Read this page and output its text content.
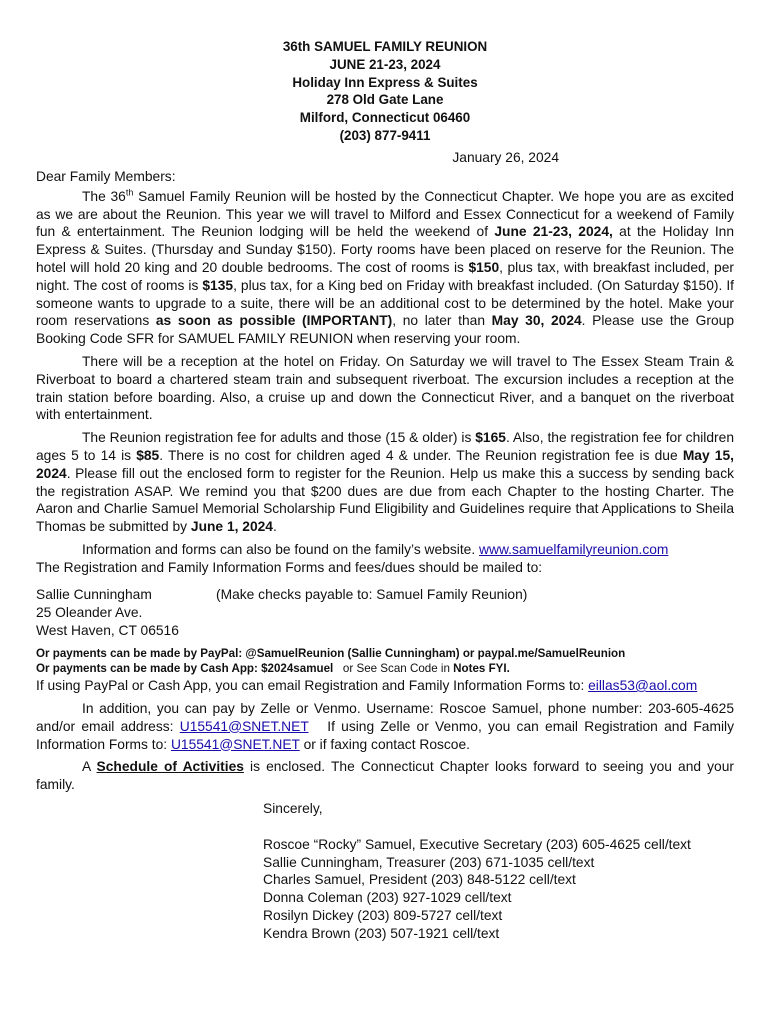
36th SAMUEL FAMILY REUNION
JUNE 21-23, 2024
Holiday Inn Express & Suites
278 Old Gate Lane
Milford, Connecticut 06460
(203) 877-9411
January 26, 2024
Dear Family Members:

The 36th Samuel Family Reunion will be hosted by the Connecticut Chapter. We hope you are as excited as we are about the Reunion. This year we will travel to Milford and Essex Connecticut for a weekend of Family fun & entertainment. The Reunion lodging will be held the weekend of June 21-23, 2024, at the Holiday Inn Express & Suites. (Thursday and Sunday $150). Forty rooms have been placed on reserve for the Reunion. The hotel will hold 20 king and 20 double bedrooms. The cost of rooms is $150, plus tax, with breakfast included, per night. The cost of rooms is $135, plus tax, for a King bed on Friday with breakfast included. (On Saturday $150). If someone wants to upgrade to a suite, there will be an additional cost to be determined by the hotel. Make your room reservations as soon as possible (IMPORTANT), no later than May 30, 2024. Please use the Group Booking Code SFR for SAMUEL FAMILY REUNION when reserving your room.

There will be a reception at the hotel on Friday. On Saturday we will travel to The Essex Steam Train & Riverboat to board a chartered steam train and subsequent riverboat. The excursion includes a reception at the train station before boarding. Also, a cruise up and down the Connecticut River, and a banquet on the riverboat with entertainment.

The Reunion registration fee for adults and those (15 & older) is $165. Also, the registration fee for children ages 5 to 14 is $85. There is no cost for children aged 4 & under. The Reunion registration fee is due May 15, 2024. Please fill out the enclosed form to register for the Reunion. Help us make this a success by sending back the registration ASAP. We remind you that $200 dues are due from each Chapter to the hosting Charter. The Aaron and Charlie Samuel Memorial Scholarship Fund Eligibility and Guidelines require that Applications to Sheila Thomas be submitted by June 1, 2024.

Information and forms can also be found on the family’s website. www.samuelfamilyreunion.com
The Registration and Family Information Forms and fees/dues should be mailed to:

Sallie Cunningham
25 Oleander Ave.
West Haven, CT 06516
(Make checks payable to: Samuel Family Reunion)
Or payments can be made by PayPal: @SamuelReunion (Sallie Cunningham) or paypal.me/SamuelReunion
Or payments can be made by Cash App: $2024samuel   or See Scan Code in Notes FYI.
If using PayPal or Cash App, you can email Registration and Family Information Forms to: eillas53@aol.com

In addition, you can pay by Zelle or Venmo. Username: Roscoe Samuel, phone number: 203-605-4625 and/or email address: U15541@SNET.NET   If using Zelle or Venmo, you can email Registration and Family Information Forms to: U15541@SNET.NET or if faxing contact Roscoe.

A Schedule of Activities is enclosed. The Connecticut Chapter looks forward to seeing you and your family.

Sincerely,
Roscoe “Rocky” Samuel, Executive Secretary (203) 605-4625 cell/text
Sallie Cunningham, Treasurer (203) 671-1035 cell/text
Charles Samuel, President (203) 848-5122 cell/text
Donna Coleman (203) 927-1029 cell/text
Rosilyn Dickey (203) 809-5727 cell/text
Kendra Brown (203) 507-1921 cell/text
